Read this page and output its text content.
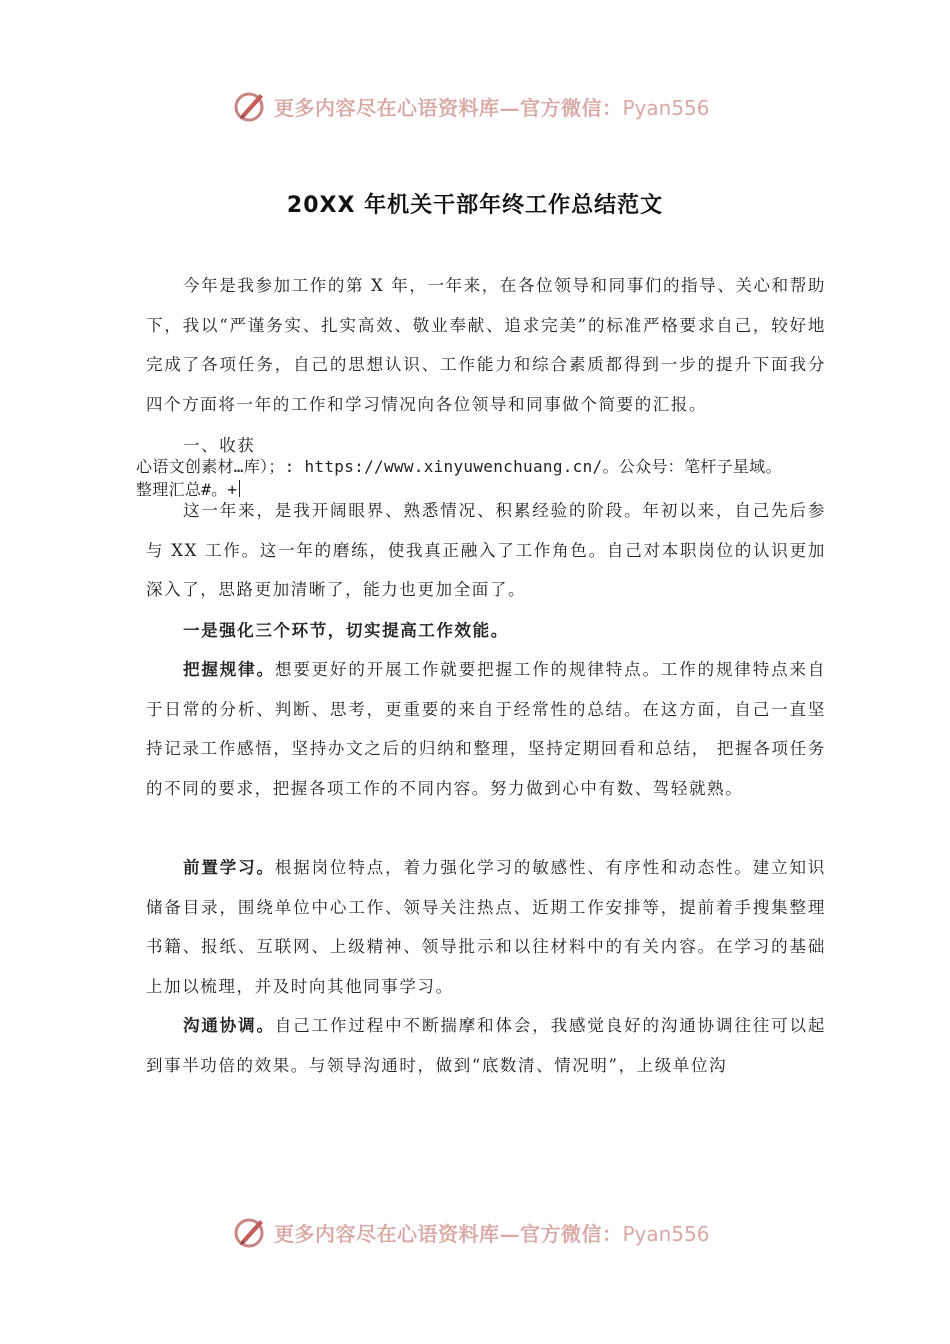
更多内容尽在心语资料库—官方微信：Pyan556
20XX 年机关干部年终工作总结范文

今年是我参加工作的第 X 年，一年来，在各位领导和同事们的指导、关心和帮助下，我以“严谨务实、扎实高效、敬业奉献、追求完美”的标准严格要求自己，较好地完成了各项任务，自己的思想认识、工作能力和综合素质都得到一步的提升下面我分四个方面将一年的工作和学习情况向各位领导和同事做个简要的汇报。

一、收获
心语文创素材…库）；: https://www.xinyuwenchuang.cn/。公众号：笔杆子星域。
整理汇总#。+

这一年来，是我开阔眼界、熟悉情况、积累经验的阶段。年初以来，自己先后参与 XX 工作。这一年的磨练，使我真正融入了工作角色。自己对本职岗位的认识更加深入了，思路更加清晰了，能力也更加全面了。

一是强化三个环节，切实提高工作效能。

把握规律。想要更好的开展工作就要把握工作的规律特点。工作的规律特点来自于日常的分析、判断、思考，更重要的来自于经常性的总结。在这方面，自己一直坚持记录工作感悟，坚持办文之后的归纳和整理，坚持定期回看和总结， 把握各项任务的不同的要求，把握各项工作的不同内容。努力做到心中有数、驾轻就熟。

前置学习。根据岗位特点，着力强化学习的敏感性、有序性和动态性。建立知识储备目录，围绕单位中心工作、领导关注热点、近期工作安排等，提前着手搜集整理书籍、报纸、互联网、上级精神、领导批示和以往材料中的有关内容。在学习的基础上加以梳理，并及时向其他同事学习。

沟通协调。自己工作过程中不断揣摩和体会，我感觉良好的沟通协调往往可以起到事半功倍的效果。与领导沟通时，做到“底数清、情况明”，上级单位沟

更多内容尽在心语资料库—官方微信：Pyan556
